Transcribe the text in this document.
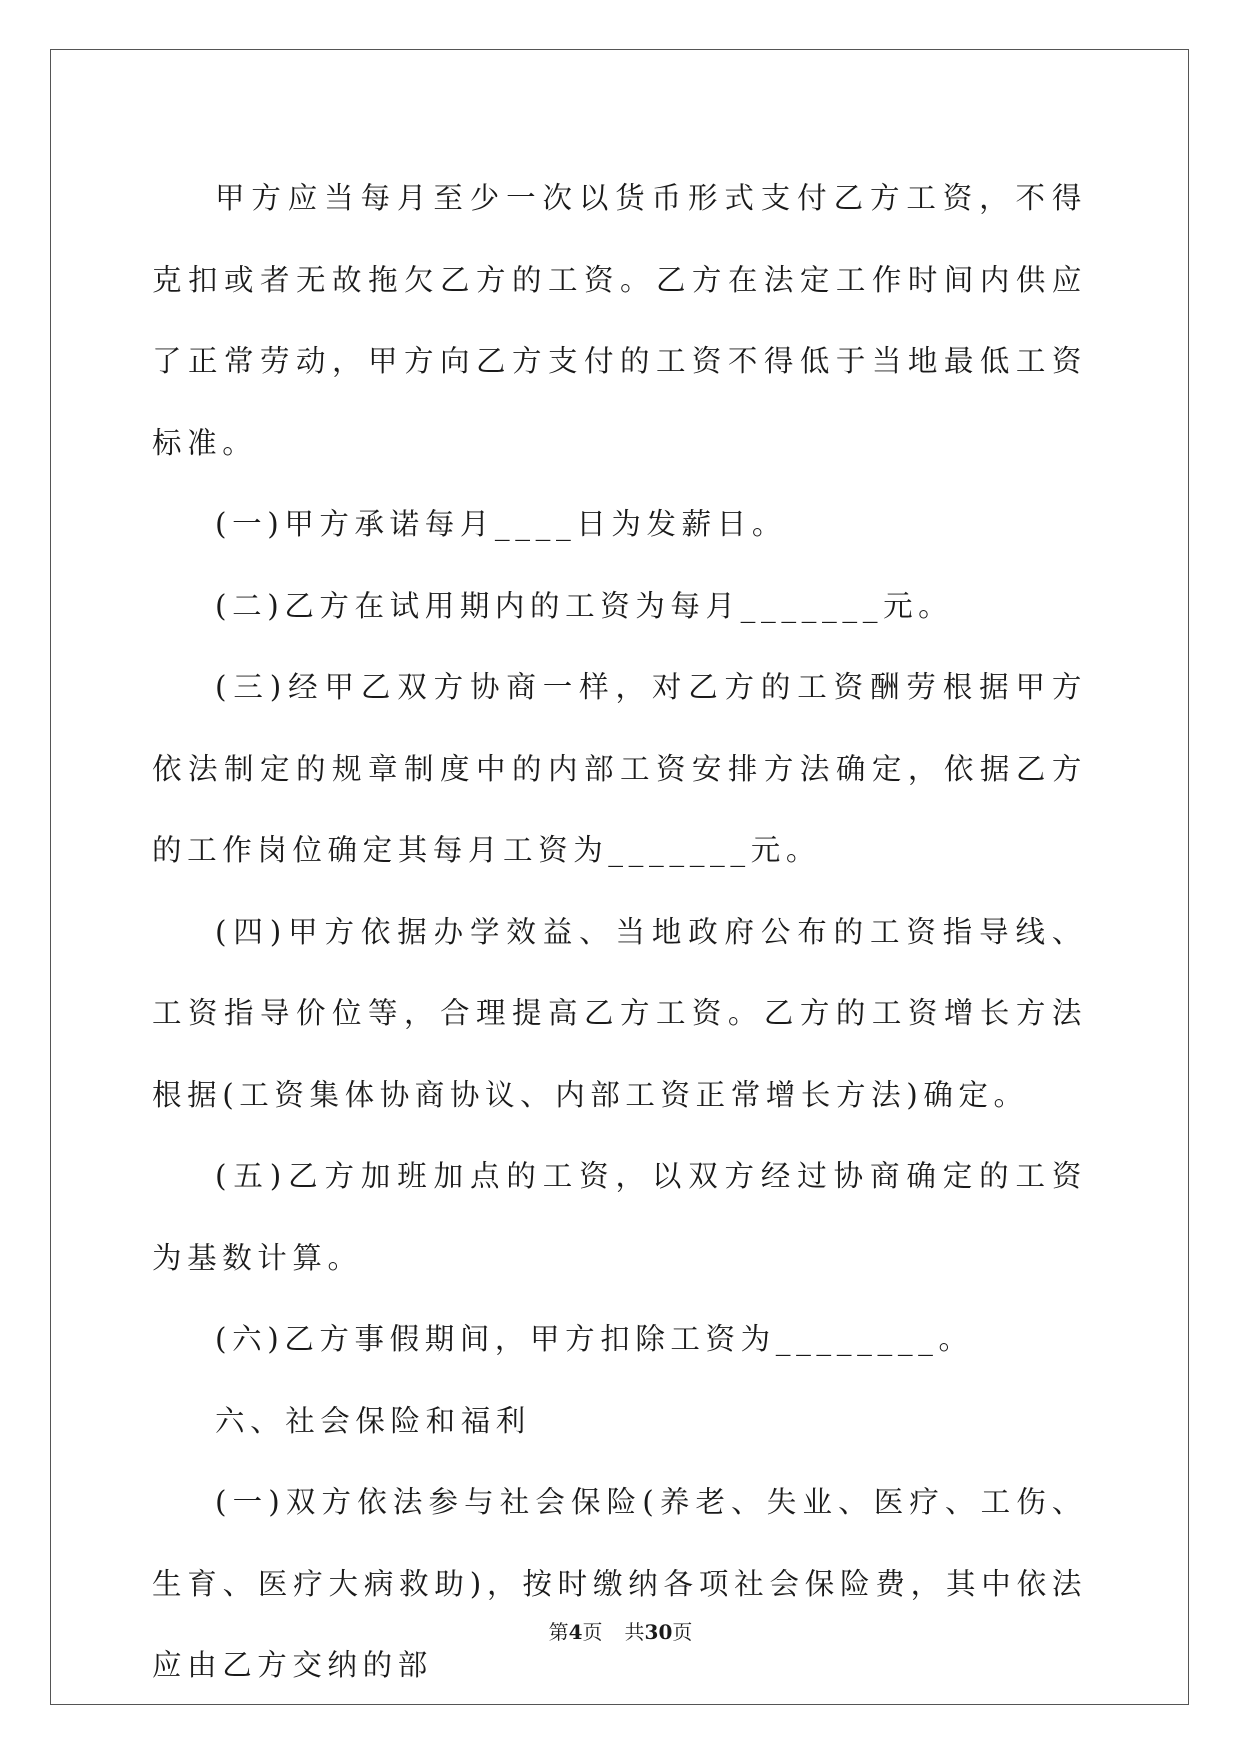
甲方应当每月至少一次以货币形式支付乙方工资，不得克扣或者无故拖欠乙方的工资。乙方在法定工作时间内供应了正常劳动，甲方向乙方支付的工资不得低于当地最低工资标准。

(一)甲方承诺每月____日为发薪日。

(二)乙方在试用期内的工资为每月_______元。

(三)经甲乙双方协商一样，对乙方的工资酬劳根据甲方依法制定的规章制度中的内部工资安排方法确定，依据乙方的工作岗位确定其每月工资为_______元。

(四)甲方依据办学效益、当地政府公布的工资指导线、工资指导价位等，合理提高乙方工资。乙方的工资增长方法根据(工资集体协商协议、内部工资正常增长方法)确定。

(五)乙方加班加点的工资，以双方经过协商确定的工资为基数计算。

(六)乙方事假期间，甲方扣除工资为________。

六、社会保险和福利

(一)双方依法参与社会保险(养老、失业、医疗、工伤、生育、医疗大病救助)，按时缴纳各项社会保险费，其中依法应由乙方交纳的部

第4页 共30页
